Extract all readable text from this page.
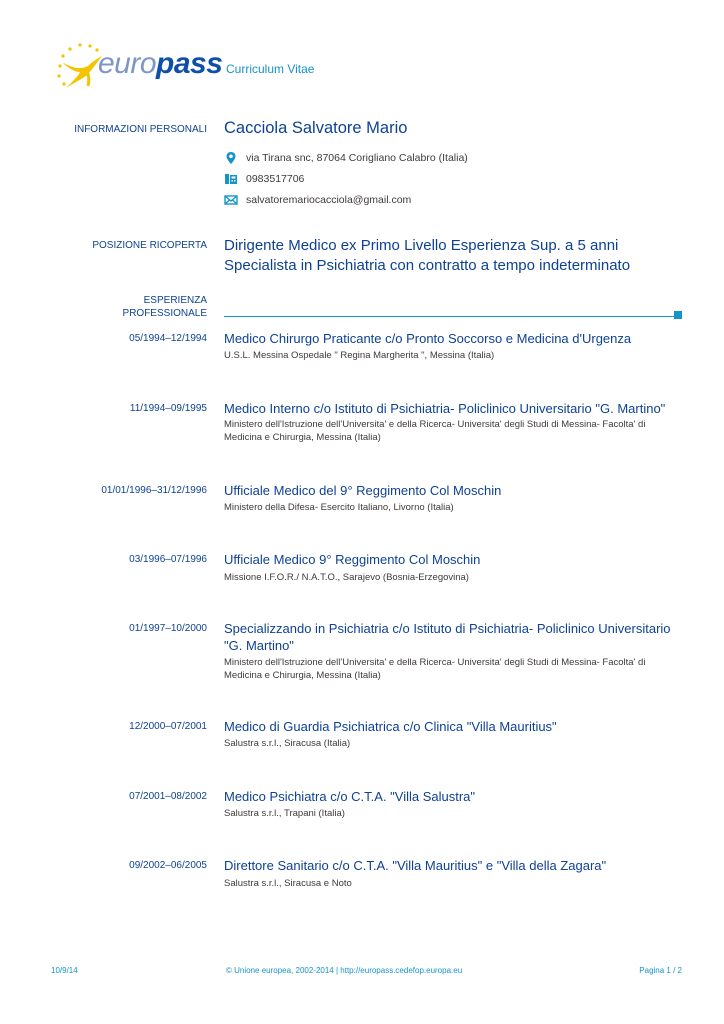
europass Curriculum Vitae
INFORMAZIONI PERSONALI Cacciola Salvatore Mario
via Tirana snc, 87064 Corigliano Calabro (Italia)
0983517706
salvatoremariocacciola@gmail.com
POSIZIONE RICOPERTA Dirigente Medico ex Primo Livello Esperienza Sup. a 5 anni Specialista in Psichiatria con contratto a tempo indeterminato
ESPERIENZA
PROFESSIONALE
05/1994–12/1994 Medico Chirurgo Praticante c/o Pronto Soccorso e Medicina d'Urgenza
U.S.L. Messina Ospedale " Regina Margherita ", Messina (Italia)
11/1994–09/1995 Medico Interno c/o Istituto di Psichiatria- Policlinico Universitario "G. Martino"
Ministero dell'Istruzione dell'Universita' e della Ricerca- Universita' degli Studi di Messina- Facolta' di Medicina e Chirurgia, Messina (Italia)
01/01/1996–31/12/1996 Ufficiale Medico del 9° Reggimento Col Moschin
Ministero della Difesa- Esercito Italiano, Livorno (Italia)
03/1996–07/1996 Ufficiale Medico 9° Reggimento Col Moschin
Missione I.F.O.R./ N.A.T.O., Sarajevo (Bosnia-Erzegovina)
01/1997–10/2000 Specializzando in Psichiatria c/o Istituto di Psichiatria- Policlinico Universitario "G. Martino"
Ministero dell'Istruzione dell'Universita' e della Ricerca- Universita' degli Studi di Messina- Facolta' di Medicina e Chirurgia, Messina (Italia)
12/2000–07/2001 Medico di Guardia Psichiatrica c/o Clinica "Villa Mauritius"
Salustra s.r.l., Siracusa (Italia)
07/2001–08/2002 Medico Psichiatra c/o C.T.A. "Villa Salustra"
Salustra s.r.l., Trapani (Italia)
09/2002–06/2005 Direttore Sanitario c/o C.T.A. "Villa Mauritius" e "Villa della Zagara"
Salustra s.r.l., Siracusa e Noto
10/9/14	© Unione europea, 2002-2014 | http://europass.cedefop.europa.eu	Pagina 1 / 2
